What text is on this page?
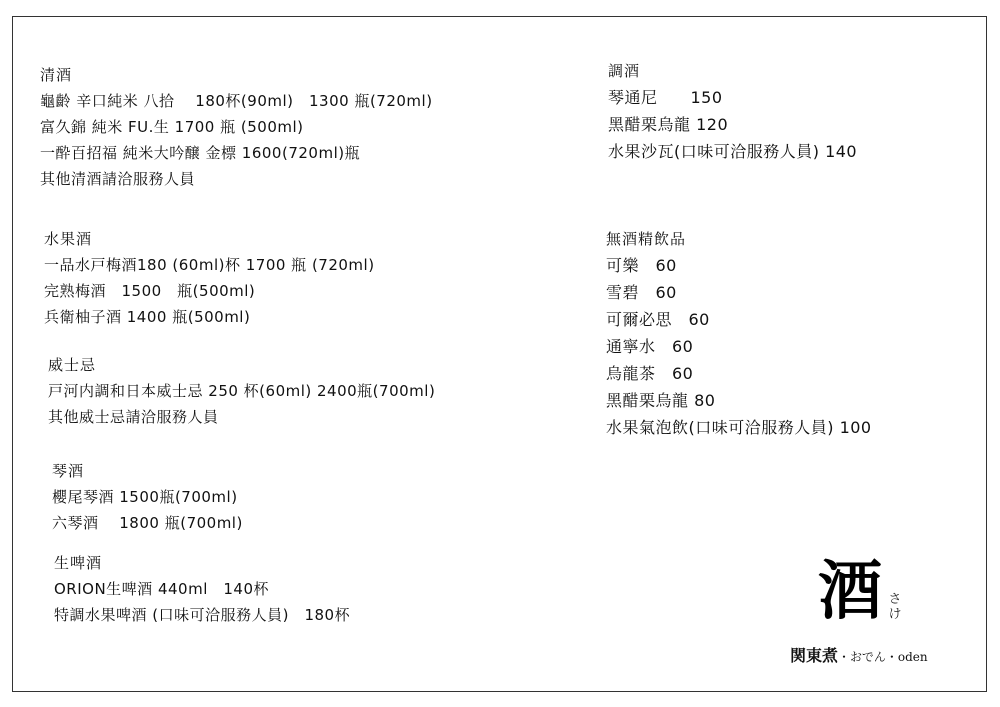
清酒
龜齡 辛口純米 八拾　 180杯(90ml)　1300 瓶(720ml)
富久錦 純米 FU.生 1700 瓶 (500ml)
一酔百招福 純米大吟醸 金標 1600(720ml)瓶
其他清酒請洽服務人員
水果酒
一品水戸梅酒180 (60ml)杯 1700 瓶 (720ml)
完熟梅酒　1500　瓶(500ml)
兵衛柚子酒 1400 瓶(500ml)
威士忌
戸河内調和日本威士忌 250 杯(60ml) 2400瓶(700ml)
其他威士忌請洽服務人員
琴酒
櫻尾琴酒 1500瓶(700ml)
六琴酒　 1800 瓶(700ml)
生啤酒
ORION生啤酒 440ml　140杯
特調水果啤酒 (口味可洽服務人員)　180杯
調酒
琴通尼　　150
黑醋栗烏龍 120
水果沙瓦(口味可洽服務人員) 140
無酒精飲品
可樂　60
雪碧　60
可爾必思　60
通寧水　60
烏龍茶　60
黑醋栗烏龍 80
水果氣泡飲(口味可洽服務人員) 100
酒 さけ
関東煮・おでん・oden
